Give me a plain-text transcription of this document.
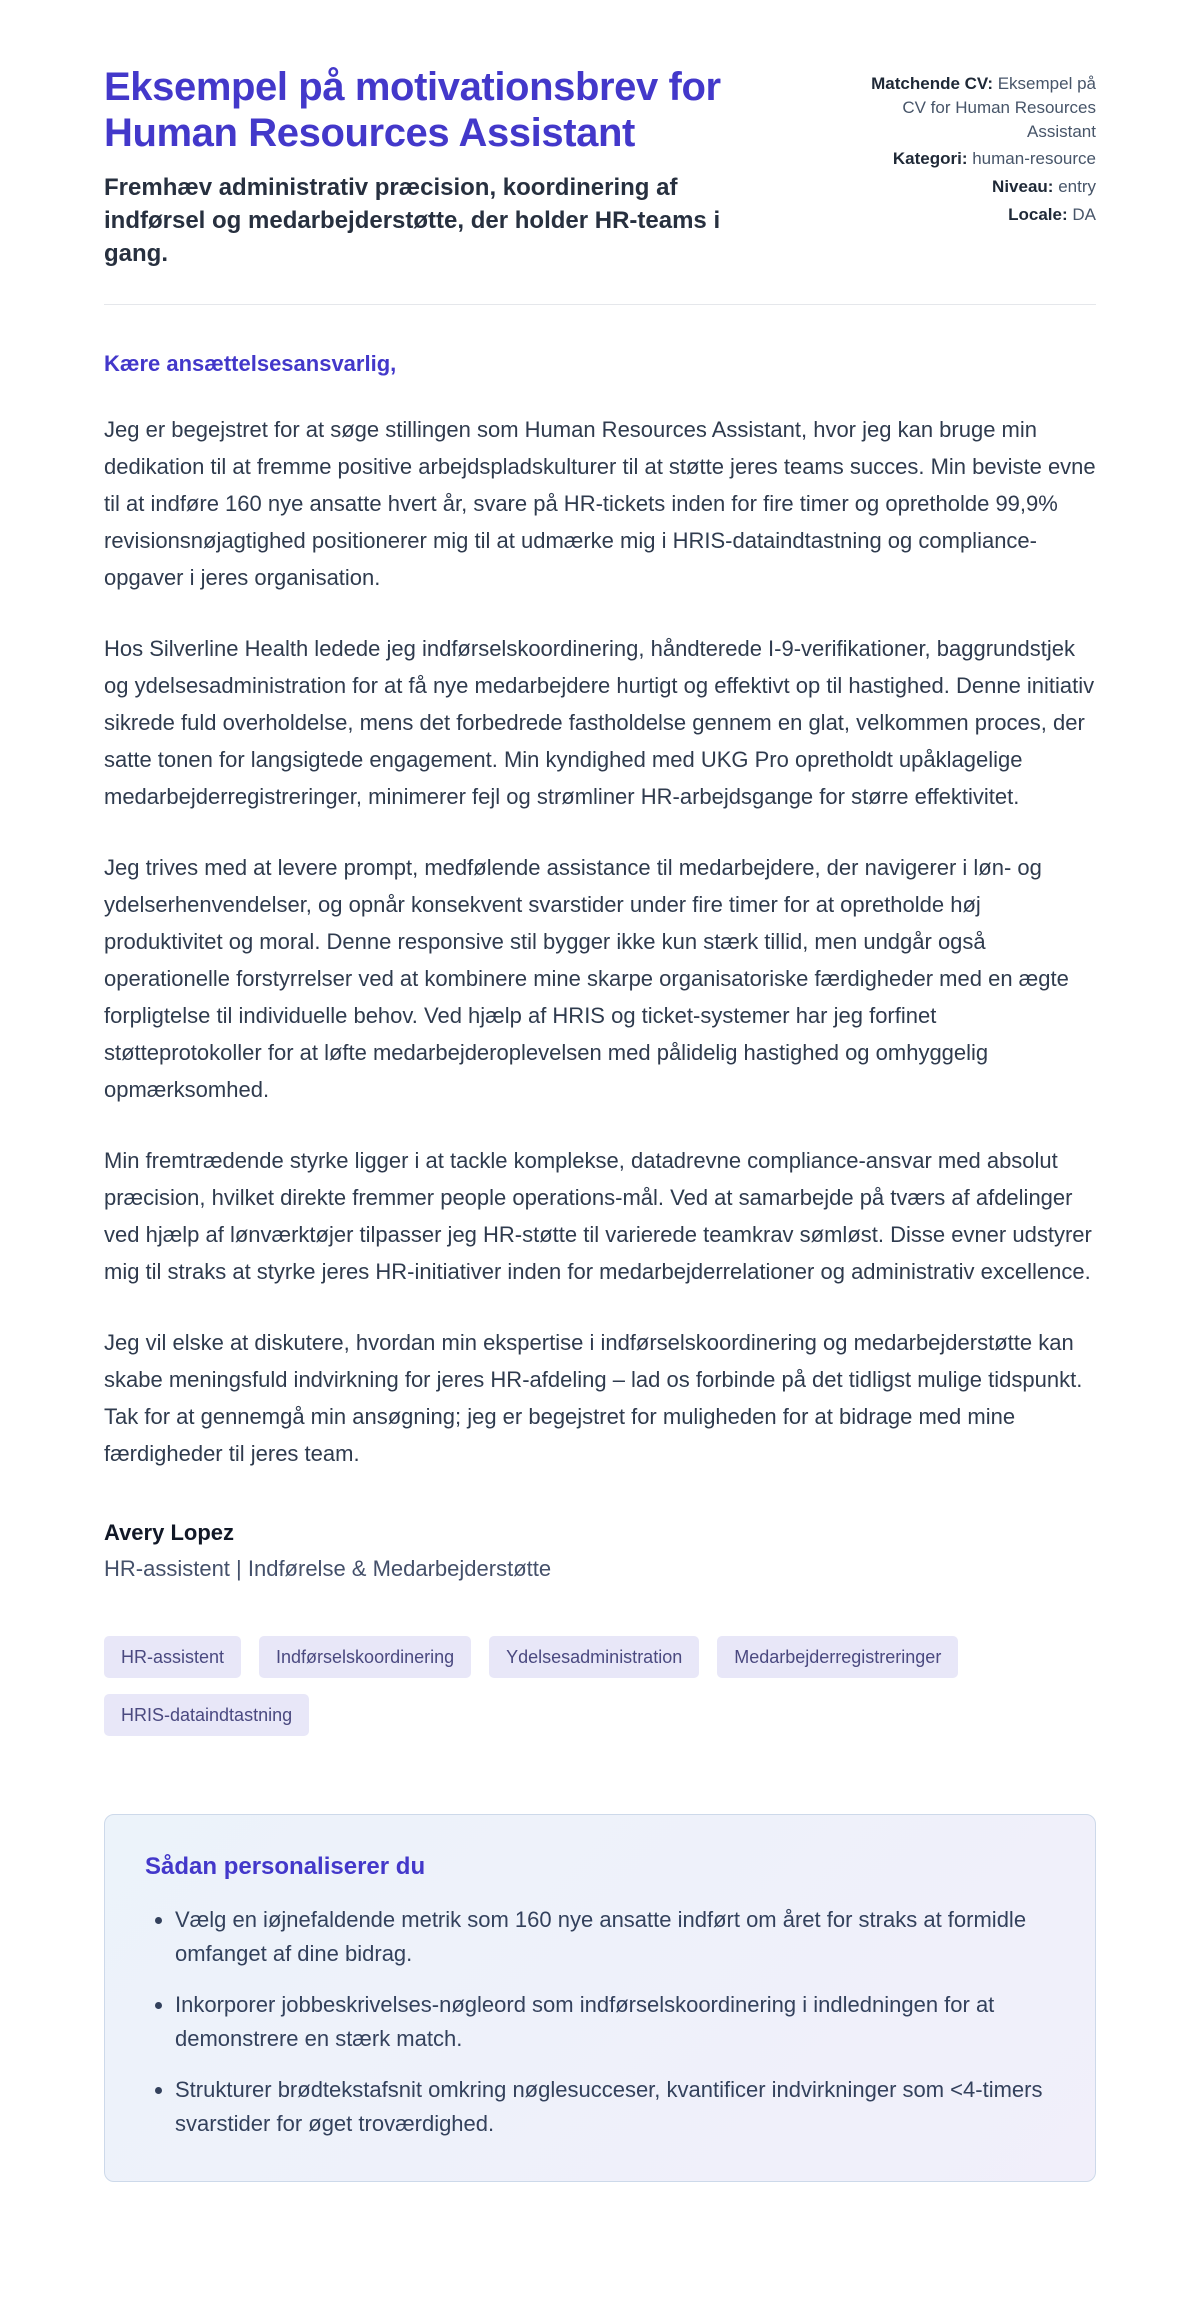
Eksempel på motivationsbrev for Human Resources Assistant
Fremhæv administrativ præcision, koordinering af indførsel og medarbejderstøtte, der holder HR-teams i gang.
Matchende CV: Eksempel på CV for Human Resources Assistant
Kategori: human-resource
Niveau: entry
Locale: DA

Kære ansættelsesansvarlig,

Jeg er begejstret for at søge stillingen som Human Resources Assistant, hvor jeg kan bruge min dedikation til at fremme positive arbejdspladskulturer til at støtte jeres teams succes. Min beviste evne til at indføre 160 nye ansatte hvert år, svare på HR-tickets inden for fire timer og opretholde 99,9% revisionsnøjagtighed positionerer mig til at udmærke mig i HRIS-dataindtastning og compliance-opgaver i jeres organisation.

Hos Silverline Health ledede jeg indførselskoordinering, håndterede I-9-verifikationer, baggrundstjek og ydelsesadministration for at få nye medarbejdere hurtigt og effektivt op til hastighed. Denne initiativ sikrede fuld overholdelse, mens det forbedrede fastholdelse gennem en glat, velkommen proces, der satte tonen for langsigtede engagement. Min kyndighed med UKG Pro opretholdt upåklagelige medarbejderregistreringer, minimerer fejl og strømliner HR-arbejdsgange for større effektivitet.

Jeg trives med at levere prompt, medfølende assistance til medarbejdere, der navigerer i løn- og ydelserhenvendelser, og opnår konsekvent svarstider under fire timer for at opretholde høj produktivitet og moral. Denne responsive stil bygger ikke kun stærk tillid, men undgår også operationelle forstyrrelser ved at kombinere mine skarpe organisatoriske færdigheder med en ægte forpligtelse til individuelle behov. Ved hjælp af HRIS og ticket-systemer har jeg forfinet støtteprotokoller for at løfte medarbejderoplevelsen med pålidelig hastighed og omhyggelig opmærksomhed.

Min fremtrædende styrke ligger i at tackle komplekse, datadrevne compliance-ansvar med absolut præcision, hvilket direkte fremmer people operations-mål. Ved at samarbejde på tværs af afdelinger ved hjælp af lønværktøjer tilpasser jeg HR-støtte til varierede teamkrav sømløst. Disse evner udstyrer mig til straks at styrke jeres HR-initiativer inden for medarbejderrelationer og administrativ excellence.

Jeg vil elske at diskutere, hvordan min ekspertise i indførselskoordinering og medarbejderstøtte kan skabe meningsfuld indvirkning for jeres HR-afdeling – lad os forbinde på det tidligst mulige tidspunkt. Tak for at gennemgå min ansøgning; jeg er begejstret for muligheden for at bidrage med mine færdigheder til jeres team.

Avery Lopez

HR-assistent | Indførelse & Medarbejderstøtte

HR-assistent	Indførselskoordinering	Ydelsesadministration	Medarbejderregistreringer
HRIS-dataindtastning
Sådan personaliserer du
• Vælg en iøjnefaldende metrik som 160 nye ansatte indført om året for straks at formidle omfanget af dine bidrag.
• Inkorporer jobbeskrivelses-nøgleord som indførselskoordinering i indledningen for at demonstrere en stærk match.
• Strukturer brødtekstafsnit omkring nøglesucceser, kvantificer indvirkninger som <4-timers svarstider for øget troværdighed.
